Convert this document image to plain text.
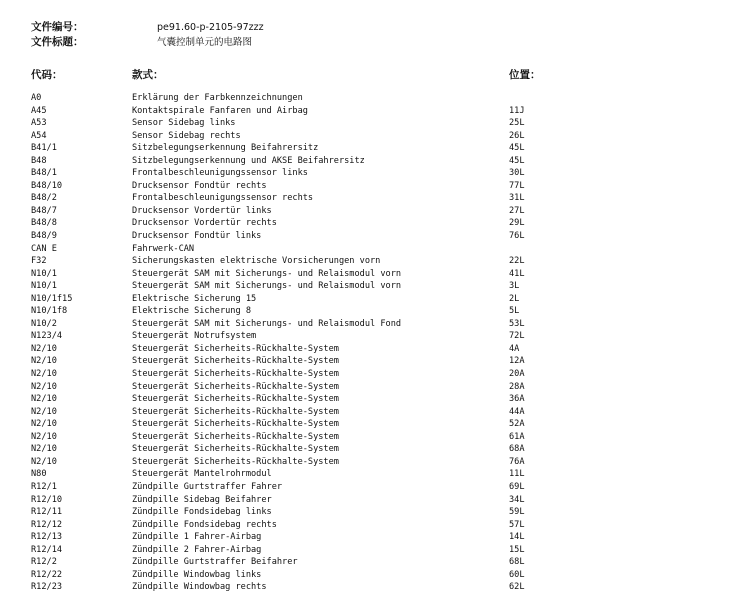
文件编号：	pe91.60-p-2105-97zzz
文件标题：	气囊控制单元的电路图
代码：	款式：	位置：
A0	Erklärung der Farbkennzeichnungen
A45	Kontaktspirale Fanfaren und Airbag	11J
A53	Sensor Sidebag links	25L
A54	Sensor Sidebag rechts	26L
B41/1	Sitzbelegungserkennung Beifahrersitz	45L
B48	Sitzbelegungserkennung und AKSE Beifahrersitz	45L
B48/1	Frontalbeschleunigungssensor links	30L
B48/10	Drucksensor Fondtür rechts	77L
B48/2	Frontalbeschleunigungssensor rechts	31L
B48/7	Drucksensor Vordertür links	27L
B48/8	Drucksensor Vordertür rechts	29L
B48/9	Drucksensor Fondtür links	76L
CAN E	Fahrwerk-CAN
F32	Sicherungskasten elektrische Vorsicherungen vorn	22L
N10/1	Steuergerät SAM mit Sicherungs- und Relaismodul vorn	41L
N10/1	Steuergerät SAM mit Sicherungs- und Relaismodul vorn	3L
N10/1f15	Elektrische Sicherung 15	2L
N10/1f8	Elektrische Sicherung 8	5L
N10/2	Steuergerät SAM mit Sicherungs- und Relaismodul Fond	53L
N123/4	Steuergerät Notrufsystem	72L
N2/10	Steuergerät Sicherheits-Rückhalte-System	4A
N2/10	Steuergerät Sicherheits-Rückhalte-System	12A
N2/10	Steuergerät Sicherheits-Rückhalte-System	20A
N2/10	Steuergerät Sicherheits-Rückhalte-System	28A
N2/10	Steuergerät Sicherheits-Rückhalte-System	36A
N2/10	Steuergerät Sicherheits-Rückhalte-System	44A
N2/10	Steuergerät Sicherheits-Rückhalte-System	52A
N2/10	Steuergerät Sicherheits-Rückhalte-System	61A
N2/10	Steuergerät Sicherheits-Rückhalte-System	68A
N2/10	Steuergerät Sicherheits-Rückhalte-System	76A
N80	Steuergerät Mantelrohrmodul	11L
R12/1	Zündpille Gurtstraffer Fahrer	69L
R12/10	Zündpille Sidebag Beifahrer	34L
R12/11	Zündpille Fondsidebag links	59L
R12/12	Zündpille Fondsidebag rechts	57L
R12/13	Zündpille 1 Fahrer-Airbag	14L
R12/14	Zündpille 2 Fahrer-Airbag	15L
R12/2	Zündpille Gurtstraffer Beifahrer	68L
R12/22	Zündpille Windowbag links	60L
R12/23	Zündpille Windowbag rechts	62L
